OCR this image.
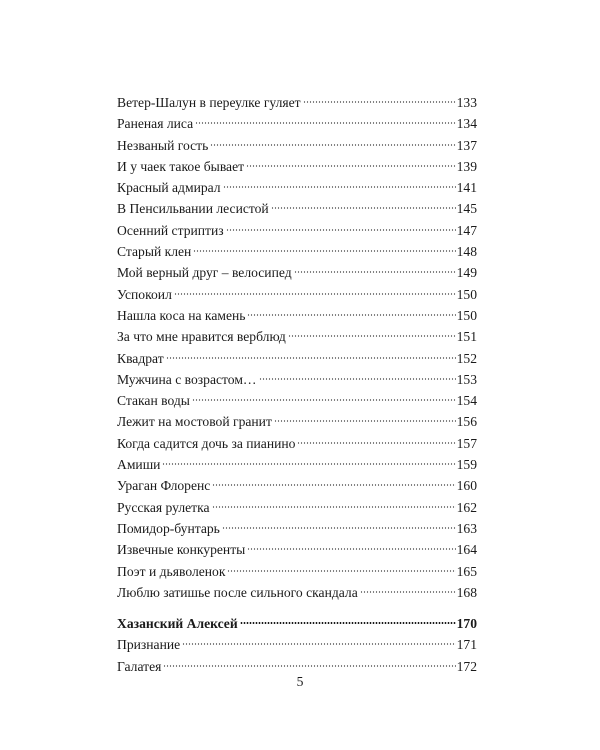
Ветер-Шалун в переулке гуляет	133
Раненая лиса	134
Незваный гость	137
И у чаек такое бывает	139
Красный адмирал	141
В Пенсильвании лесистой	145
Осенний стриптиз	147
Старый клен	148
Мой верный друг – велосипед	149
Успокоил	150
Нашла коса на камень	150
За что мне нравится верблюд	151
Квадрат	152
Мужчина с возрастом…	153
Стакан воды	154
Лежит на мостовой гранит	156
Когда садится дочь за пианино	157
Амиши	159
Ураган Флоренс	160
Русская рулетка	162
Помидор-бунтарь	163
Извечные конкуренты	164
Поэт и дьяволенок	165
Люблю затишье после сильного скандала	168
Хазанский Алексей	170
Признание	171
Галатея	172
5
